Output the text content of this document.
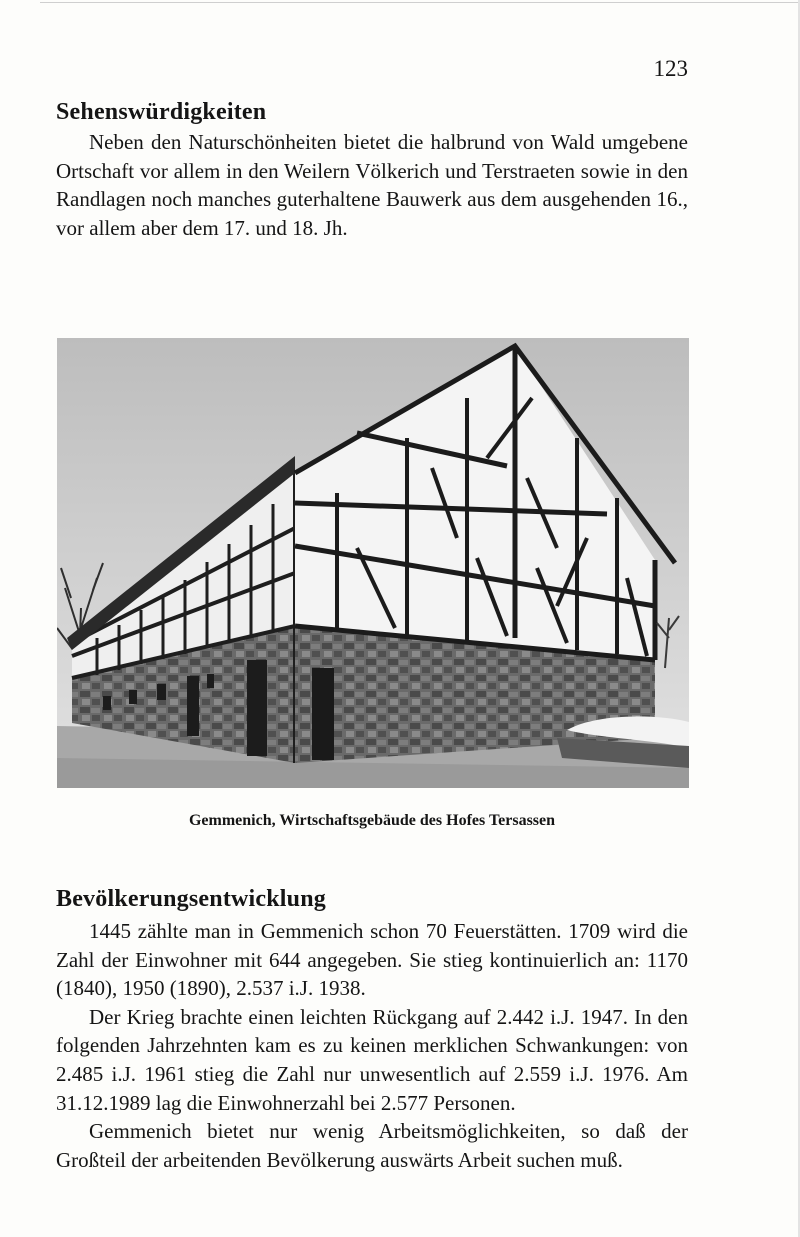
123
Sehenswürdigkeiten

Neben den Naturschönheiten bietet die halbrund von Wald umgebene Ortschaft vor allem in den Weilern Völkerich und Terstraeten sowie in den Randlagen noch manches guterhaltene Bauwerk aus dem ausgehenden 16., vor allem aber dem 17. und 18. Jh.

Gemmenich, Wirtschaftsgebäude des Hofes Tersassen
Bevölkerungsentwicklung

1445 zählte man in Gemmenich schon 70 Feuerstätten. 1709 wird die Zahl der Einwohner mit 644 angegeben. Sie stieg kontinuierlich an: 1170 (1840), 1950 (1890), 2.537 i.J. 1938.

Der Krieg brachte einen leichten Rückgang auf 2.442 i.J. 1947. In den folgenden Jahrzehnten kam es zu keinen merklichen Schwankungen: von 2.485 i.J. 1961 stieg die Zahl nur unwesentlich auf 2.559 i.J. 1976. Am 31.12.1989 lag die Einwohnerzahl bei 2.577 Personen.

Gemmenich bietet nur wenig Arbeitsmöglichkeiten, so daß der Großteil der arbeitenden Bevölkerung auswärts Arbeit suchen muß.
